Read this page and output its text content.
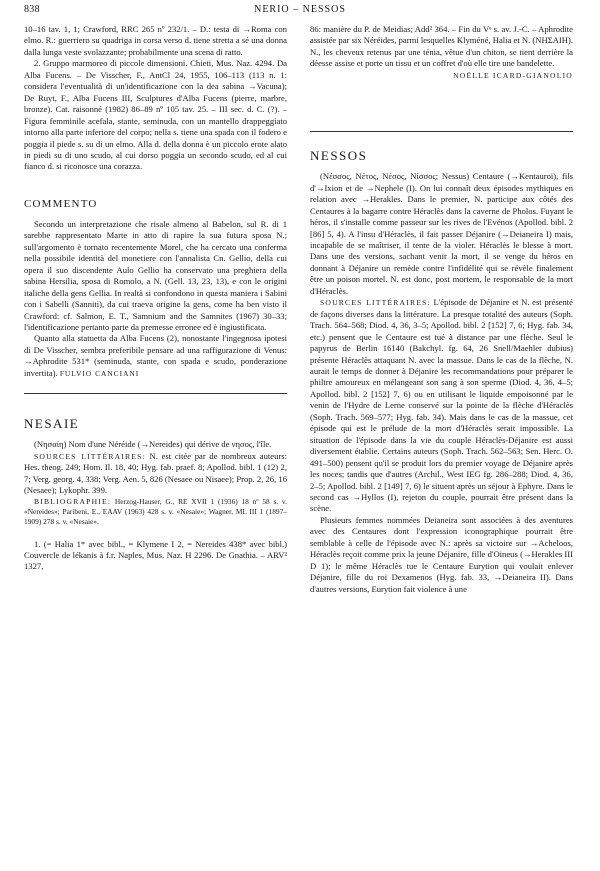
838	NERIO – NESSOS

10–16 tav. 1, 1; Crawford, RRC 265 nº 232/1. – D.: testa di →Roma con elmo. R.: guerriero su quadriga in corsa verso d. tiene stretta a sé una donna dalla lunga veste svolazzante; probabilmente una scena di ratto.

2. Gruppo marmoreo di piccole dimensioni. Chieti, Mus. Naz. 4294. Da Alba Fucens. – De Visscher, F., AntCl 24, 1955, 106–113 (113 n. 1: considera l'eventualità di un'identificazione con la dea sabina →Vacuna); De Ruyt, F., Alba Fucens III, Sculptures d'Alba Fucens (pierre, marbre, bronze). Cat. raisonné (1982) 86–89 nº 105 tav. 25. – III sec. d. C. (?). – Figura femminile acefala, stante, seminuda, con un mantello drappeggiato intorno alla parte inferiore del corpo; nella s. tiene una spada con il fodero e poggia il piede s. su di un elmo. Alla d. della donna è un piccolo erote alato in piedi su di uno scudo, al cui dorso poggia un secondo scudo, ed al cui fianco d. si riconosce una corazza.

COMMENTO

Secondo un interpretazione che risale almeno al Babelon, sul R. di 1 sarebbe rappresentato Marte in atto di rapire la sua futura sposa N.; sull'argomento è tornato recentemente Morel, che ha cercato una conferma nella possibile identità del monetiere con l'annalista Cn. Gellio, della cui opera il suo discendente Aulo Gellio ha conservato una preghiera della sabina Hersilia, sposa di Romolo, a N. (Gell. 13, 23, 13), e con le origini italiche della gens Gellia. In realtà si confondono in questa maniera i Sabini con i Sabelli (Sanniti), da cui traeva origine la gens, come ha ben visto il Crawford: cf. Salmon, E. T., Samnium and the Samnites (1967) 30–33; l'identificazione pertanto parte da premesse erronee ed è ingiustificata.

Quanto alla statuetta da Alba Fucens (2), nonostante l'ingegnosa ipotesi di De Visscher, sembra preferibile pensare ad una raffigurazione di Venus: →Aphrodite 531* (seminuda, stante, con spada e scudo, ponderazione invertita). FULVIO CANCIANI

NESAIE

(Νησαίη) Nom d'une Néréide (→Nereides) qui dérive de νησος, l'île.

SOURCES LITTÉRAIRES: N. est citée par de nombreux auteurs: Hes. theog. 249; Hom. Il. 18, 40; Hyg. fab. praef. 8; Apollod. bibl. 1 (12) 2, 7; Verg. georg. 4, 338; Verg. Aen. 5, 826 (Nesaee ou Nisaee); Prop. 2, 26, 16 (Nesaee); Lykophr. 399.

BIBLIOGRAPHIE: Herzog-Hauser, G., RE XVII 1 (1936) 18 nº 58 s. v. «Nereides»; Paribeni, E., EAAV (1963) 428 s. v. «Nesaie»; Wagner, ML III 1 (1897–1909) 278 s. v. «Nesaie».

1. (= Halia 1* avec bibl., = Klymene I 2, = Nereides 438* avec bibl.) Couvercle de lékanis à f.r. Naples, Mus. Naz. H 2296. De Gnathia. – ARV² 1327,

86: manière du P. de Meidias; Add² 364. – Fin du Vᵉ s. av. J.-C. – Aphrodite assistée par six Néréides, parmi lesquelles Klyméné, Halia et N. (ΝΗΣΑΙΗ). N., les cheveux retenus par une ténia, vêtue d'un chiton, se tient derrière la déesse assise et porte un tissu et un coffret d'où elle tire une bandelette.

NOËLLE ICARD-GIANOLIO

NESSOS

(Νέσσος, Νέτος, Νέσος, Νίσσος; Nessus) Centaure (→Kentauroi), fils d'→Ixion et de →Nephele (I). On lui connaît deux épisodes mythiques en relation avec →Herakles. Dans le premier, N. participe aux côtés des Centaures à la bagarre contre Héraclès dans la caverne de Pholos. Fuyant le héros, il s'installe comme passeur sur les rives de l'Evénos (Apollod. bibl. 2 [86] 5, 4). A l'insu d'Héraclès, il fait passer Déjanire (→Deianeira I) mais, incapable de se maîtriser, il tente de la violer. Héraclès le blesse à mort. Dans une des versions, sachant venir la mort, il se venge du héros en donnant à Déjanire un remède contre l'infidélité qui se révèle finalement être un poison mortel. N. est donc, post mortem, le responsable de la mort d'Héraclès.

SOURCES LITTÉRAIRES: L'épisode de Déjanire et N. est présenté de façons diverses dans la littérature. La presque totalité des auteurs (Soph. Trach. 564–568; Diod. 4, 36, 3–5; Apollod. bibl. 2 [152] 7, 6; Hyg. fab. 34, etc.) pensent que le Centaure est tué à distance par une flèche. Seul le papyrus de Berlin 16140 (Bakchyl. fg. 64, 26 Snell/Maehler dubius) présente Héraclès attaquant N. avec la massue. Dans le cas de la flèche, N. aurait le temps de donner à Déjanire les recommandations pour préparer le philtre amoureux en mélangeant son sang à son sperme (Diod. 4, 36, 4–5; Apollod. bibl. 2 [152] 7, 6) ou en utilisant le liquide empoisonné par le venin de l'Hydre de Lerne conservé sur la pointe de la flèche d'Héraclès (Soph. Trach. 569–577; Hyg. fab. 34). Mais dans le cas de la massue, cet épisode qui est le prélude de la mort d'Héraclès serait impossible. La situation de l'épisode dans la vie du couple Héraclès-Déjanire est aussi diversement établie. Certains auteurs (Soph. Trach. 562–563; Sen. Herc. O. 491–500) pensent qu'il se produit lors du premier voyage de Déjanire après les noces; tandis que d'autres (Archil., West IEG fg. 286–288; Diod. 4, 36, 2–5; Apollod. bibl. 2 [149] 7, 6) le situent après un séjour à Ephyre. Dans le second cas →Hyllos (I), rejeton du couple, pourrait être présent dans la scène.

Plusieurs femmes nommées Deianeira sont associées à des aventures avec des Centaures dont l'expression iconographique pourrait être semblable à celle de l'épisode avec N.: après sa victoire sur →Acheloos, Héraclès reçoit comme prix la jeune Déjanire, fille d'Oineus (→Herakles III D 1); le même Héraclès tue le Centaure Eurytion qui voulait enlever Déjanire, fille du roi Dexamenos (Hyg. fab. 33, →Deianeira II). Dans d'autres versions, Eurytion fait violence à une
